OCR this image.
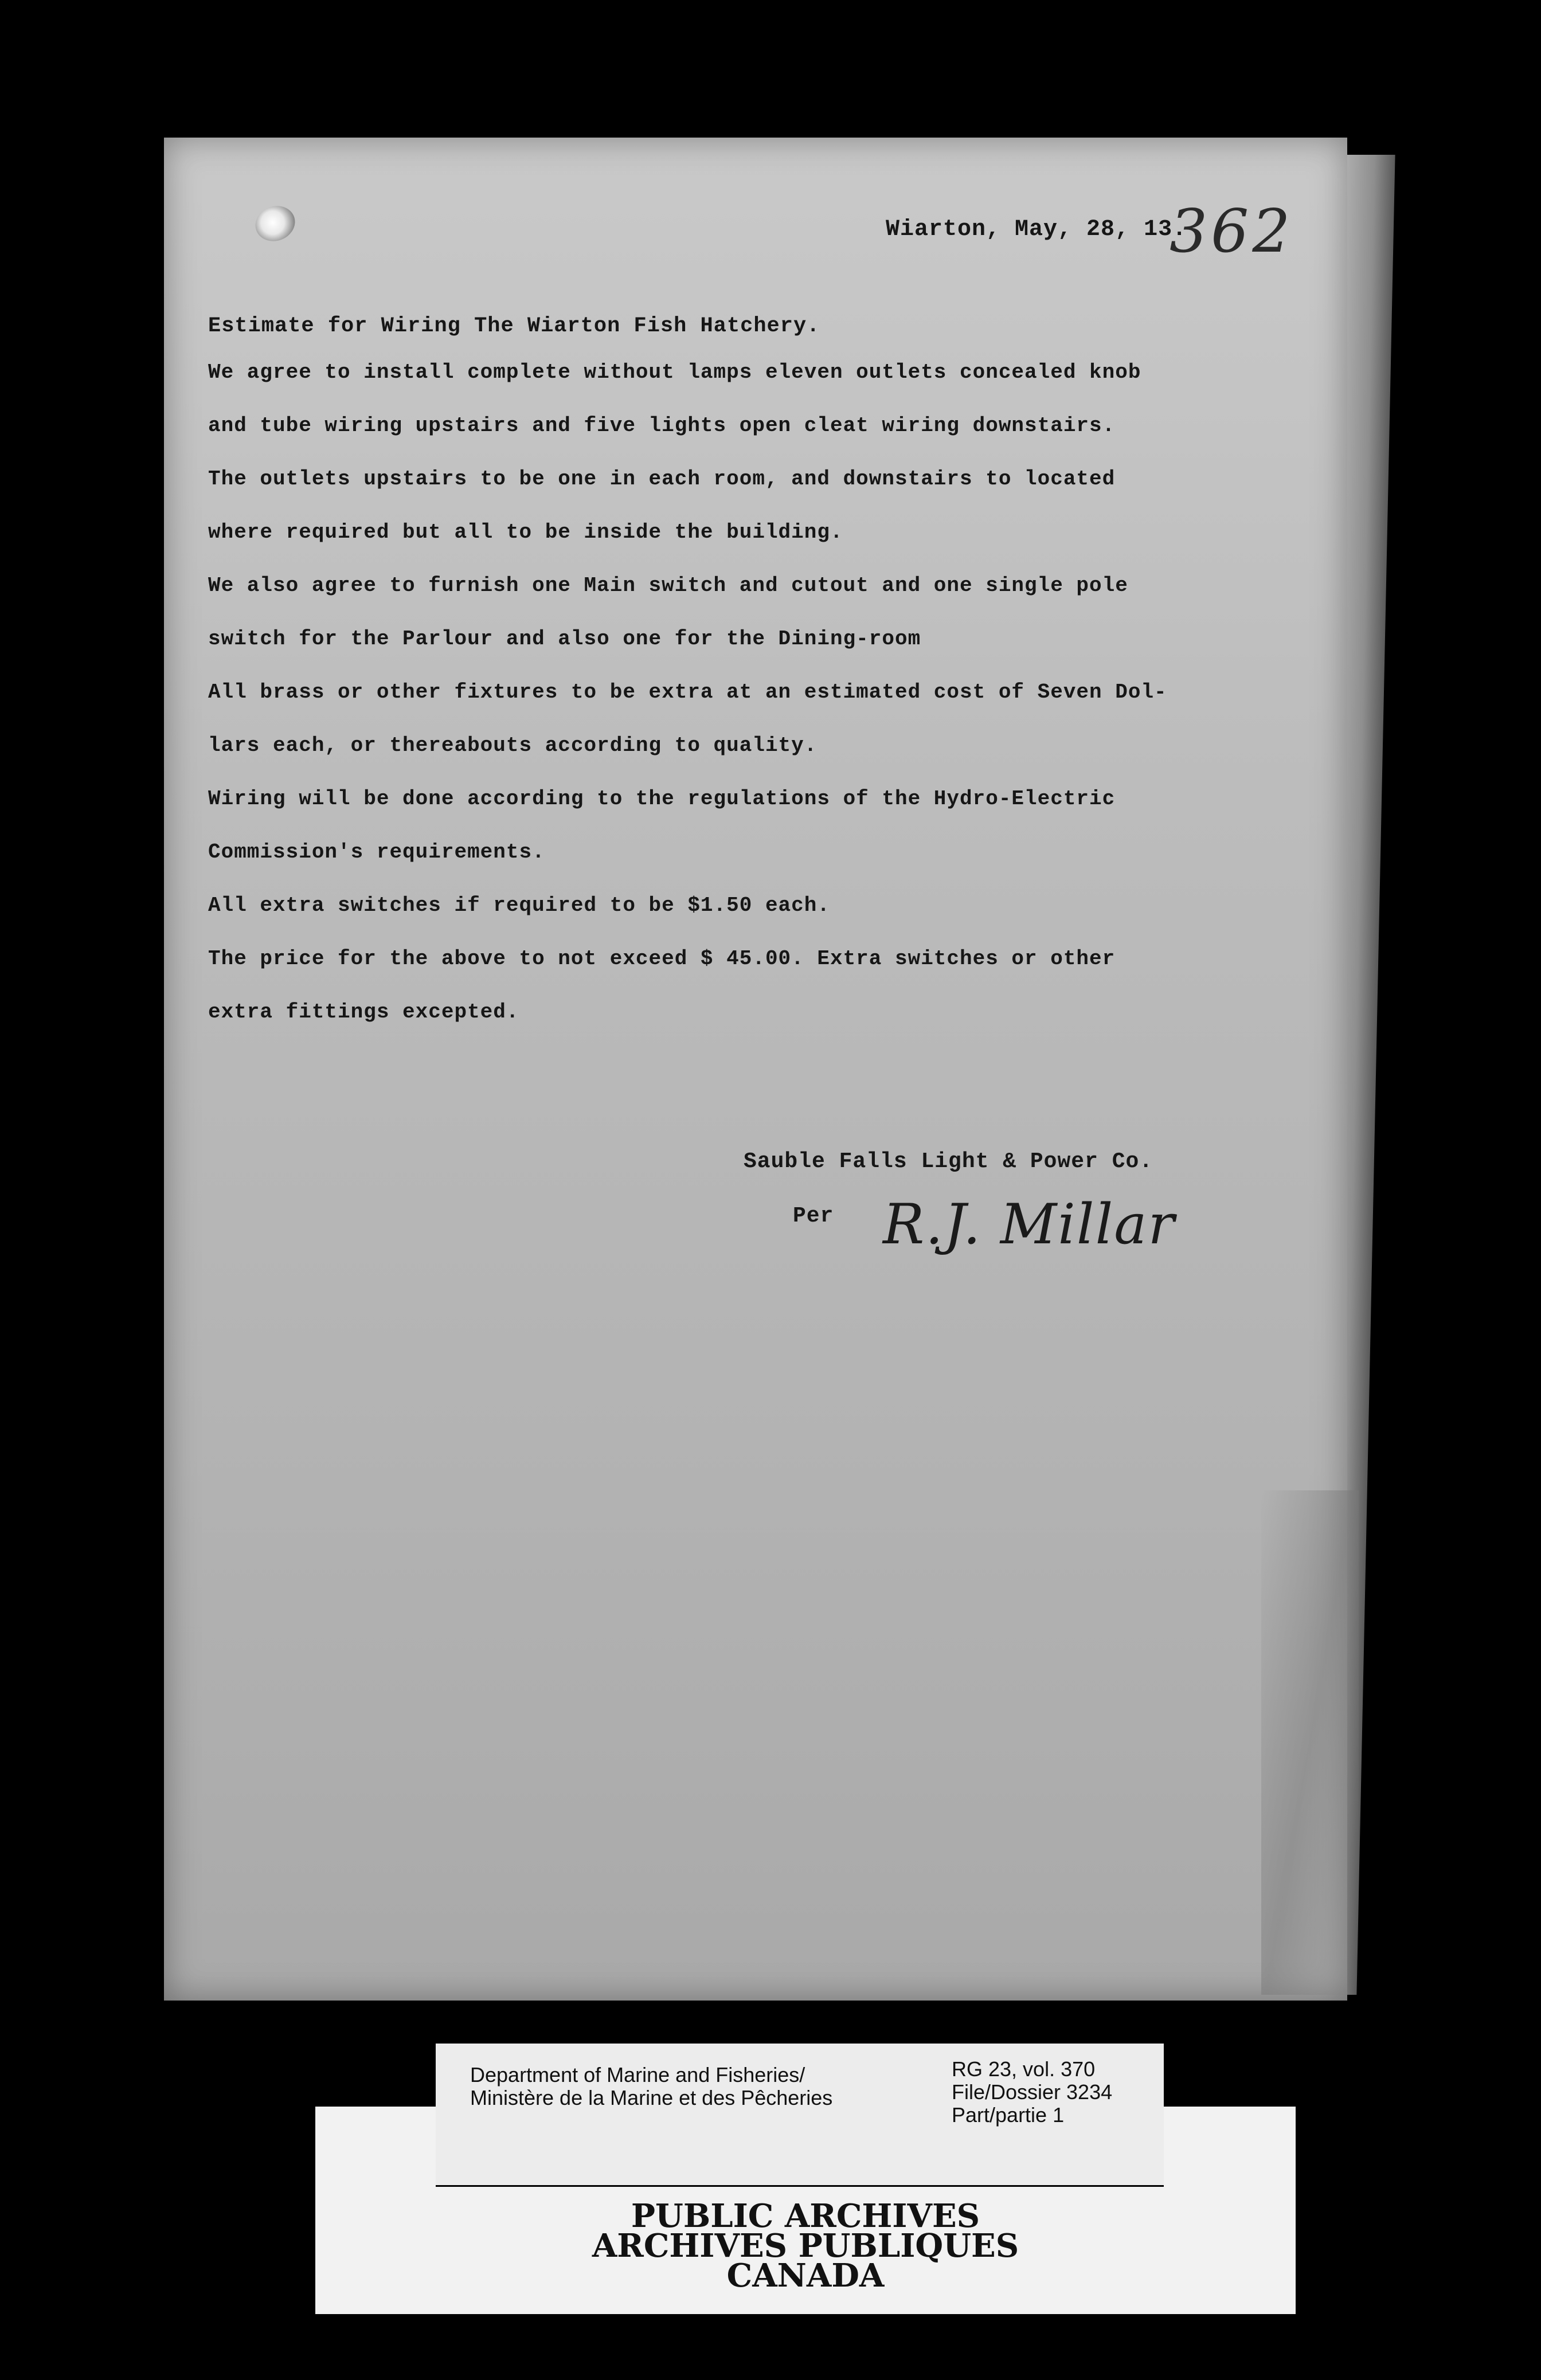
Wiarton, May, 28, 13.
362
Estimate for Wiring The Wiarton Fish Hatchery.
We agree to install complete without lamps eleven outlets concealed knob
and tube wiring upstairs and five lights open cleat wiring downstairs.
The outlets upstairs to be one in each room, and downstairs to located
where required but all to be inside the building.
We also agree to furnish one Main switch and cutout and one single pole
switch for the Parlour and also one for the Dining-room
All brass or other fixtures to be extra at an estimated cost of Seven Dol-
lars each, or thereabouts according to quality.
Wiring will be done according to the regulations of the Hydro-Electric
Commission's requirements.
All extra switches if required to be $1.50 each.
The price for the above to not exceed $ 45.00. Extra switches or other
extra fittings excepted.
Sauble Falls Light & Power Co.
Per R.J. Millar
Department of Marine and Fisheries/
Ministère de la Marine et des Pêcheries
RG 23, vol. 370
File/Dossier 3234
Part/partie 1
PUBLIC ARCHIVES
ARCHIVES PUBLIQUES
CANADA
